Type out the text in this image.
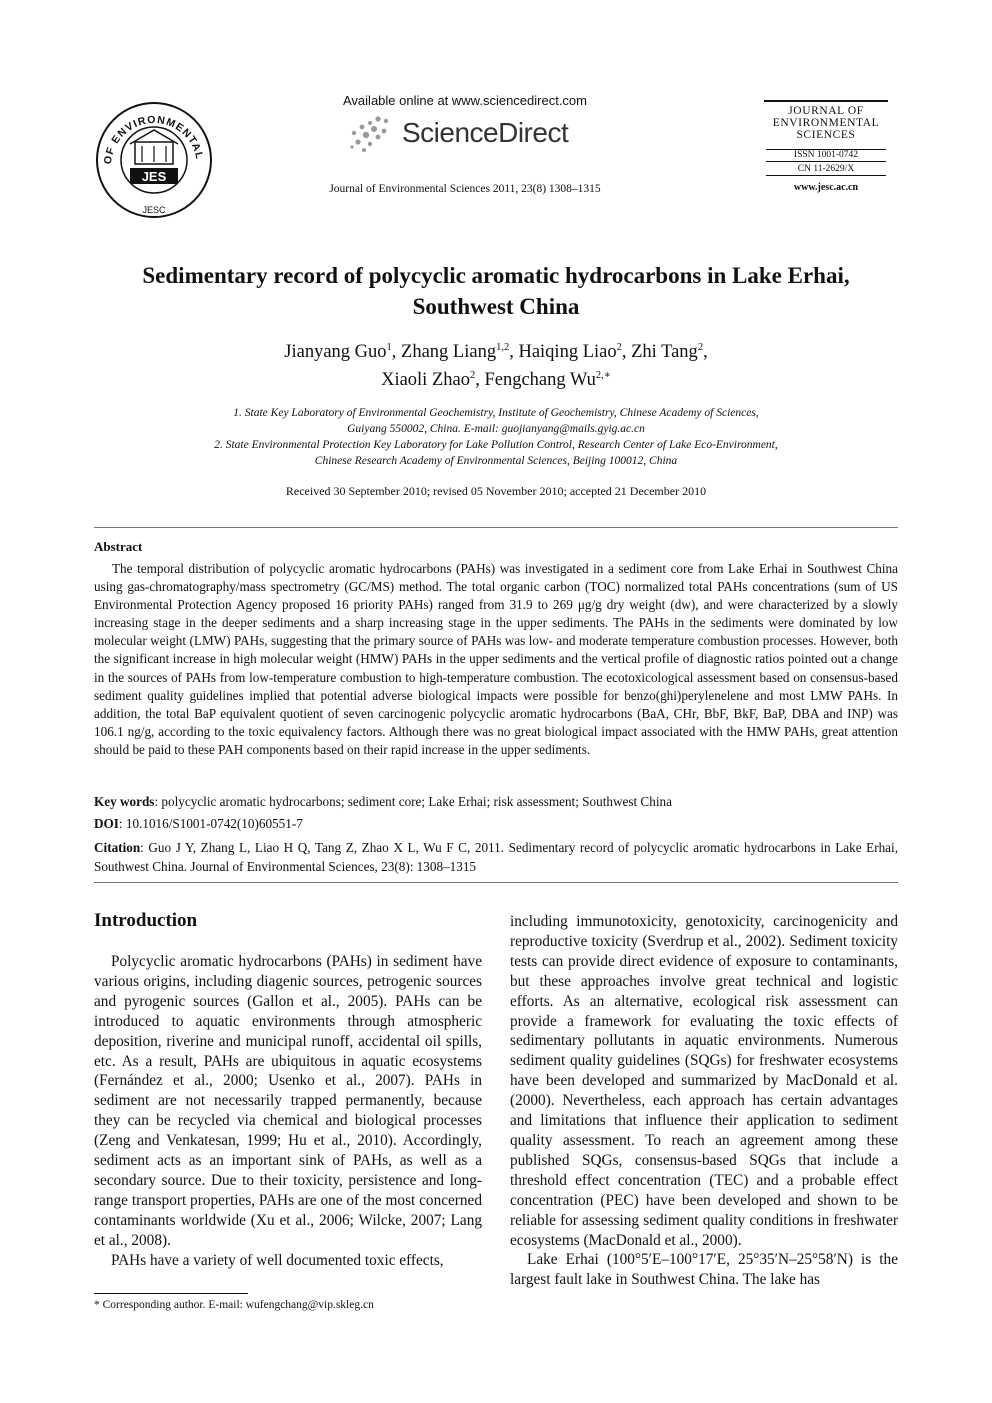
OF ENVIRONMENTAL
JES
JESC
Available online at www.sciencedirect.com
ScienceDirect
Journal of Environmental Sciences 2011, 23(8) 1308–1315
JOURNAL OF
ENVIRONMENTAL
SCIENCES
ISSN 1001-0742
CN 11-2629/X
www.jesc.ac.cn
Sedimentary record of polycyclic aromatic hydrocarbons in Lake Erhai,
Southwest China
Jianyang Guo$^1$, Zhang Liang$^{1,2}$, Haiqing Liao$^2$, Zhi Tang$^2$,
Xiaoli Zhao$^2$, Fengchang $Wu^{2,∗}$
1. State Key Laboratory of Environmental Geochemistry, Institute of Geochemistry, Chinese Academy of Sciences,
Guiyang 550002, China. E-mail: guojianyang@mails.gyig.ac.cn
2. State Environmental Protection Key Laboratory for Lake Pollution Control, Research Center of Lake Eco-Environment,
Chinese Research Academy of Environmental Sciences, Beijing 100012, China
Received 30 September 2010; revised 05 November 2010; accepted 21 December 2010
Abstract
The temporal distribution of polycyclic aromatic hydrocarbons (PAHs) was investigated in a sediment core from Lake Erhai in Southwest China using gas-chromatography/mass spectrometry (GC/MS) method. The total organic carbon (TOC) normalized total PAHs concentrations (sum of US Environmental Protection Agency proposed 16 priority PAHs) ranged from 31.9 to 269 μg/g dry weight (dw), and were characterized by a slowly increasing stage in the deeper sediments and a sharp increasing stage in the upper sediments. The PAHs in the sediments were dominated by low molecular weight (LMW) PAHs, suggesting that the primary source of PAHs was low- and moderate temperature combustion processes. However, both the significant increase in high molecular weight (HMW) PAHs in the upper sediments and the vertical profile of diagnostic ratios pointed out a change in the sources of PAHs from low-temperature combustion to high-temperature combustion. The ecotoxicological assessment based on consensus-based sediment quality guidelines implied that potential adverse biological impacts were possible for benzo(ghi)perylenelene and most LMW PAHs. In addition, the total BaP equivalent quotient of seven carcinogenic polycyclic aromatic hydrocarbons (BaA, CHr, BbF, BkF, BaP, DBA and INP) was 106.1 ng/g, according to the toxic equivalency factors. Although there was no great biological impact associated with the HMW PAHs, great attention should be paid to these PAH components based on their rapid increase in the upper sediments.
Key words: polycyclic aromatic hydrocarbons; sediment core; Lake Erhai; risk assessment; Southwest China
DOI: 10.1016/S1001-0742(10)60551-7
Citation: Guo J Y, Zhang L, Liao H Q, Tang Z, Zhao X L, Wu F C, 2011. Sedimentary record of polycyclic aromatic hydrocarbons in Lake Erhai, Southwest China. Journal of Environmental Sciences, 23(8): 1308–1315
Introduction

Polycyclic aromatic hydrocarbons (PAHs) in sediment have various origins, including diagenic sources, petrogenic sources and pyrogenic sources (Gallon et al., 2005). PAHs can be introduced to aquatic environments through atmospheric deposition, riverine and municipal runoff, accidental oil spills, etc. As a result, PAHs are ubiquitous in aquatic ecosystems (Fernández et al., 2000; Usenko et al., 2007). PAHs in sediment are not necessarily trapped permanently, because they can be recycled via chemical and biological processes (Zeng and Venkatesan, 1999; Hu et al., 2010). Accordingly, sediment acts as an important sink of PAHs, as well as a secondary source. Due to their toxicity, persistence and long-range transport properties, PAHs are one of the most concerned contaminants worldwide (Xu et al., 2006; Wilcke, 2007; Lang et al., 2008).

PAHs have a variety of well documented toxic effects,

including immunotoxicity, genotoxicity, carcinogenicity and reproductive toxicity (Sverdrup et al., 2002). Sediment toxicity tests can provide direct evidence of exposure to contaminants, but these approaches involve great technical and logistic efforts. As an alternative, ecological risk assessment can provide a framework for evaluating the toxic effects of sedimentary pollutants in aquatic environments. Numerous sediment quality guidelines (SQGs) for freshwater ecosystems have been developed and summarized by MacDonald et al. (2000). Nevertheless, each approach has certain advantages and limitations that influence their application to sediment quality assessment. To reach an agreement among these published SQGs, consensus-based SQGs that include a threshold effect concentration (TEC) and a probable effect concentration (PEC) have been developed and shown to be reliable for assessing sediment quality conditions in freshwater ecosystems (MacDonald et al., 2000).

Lake Erhai (100°5′E–100°17′E, 25°35′N–25°58′N) is the largest fault lake in Southwest China. The lake has

* Corresponding author. E-mail: wufengchang@vip.skleg.cn
